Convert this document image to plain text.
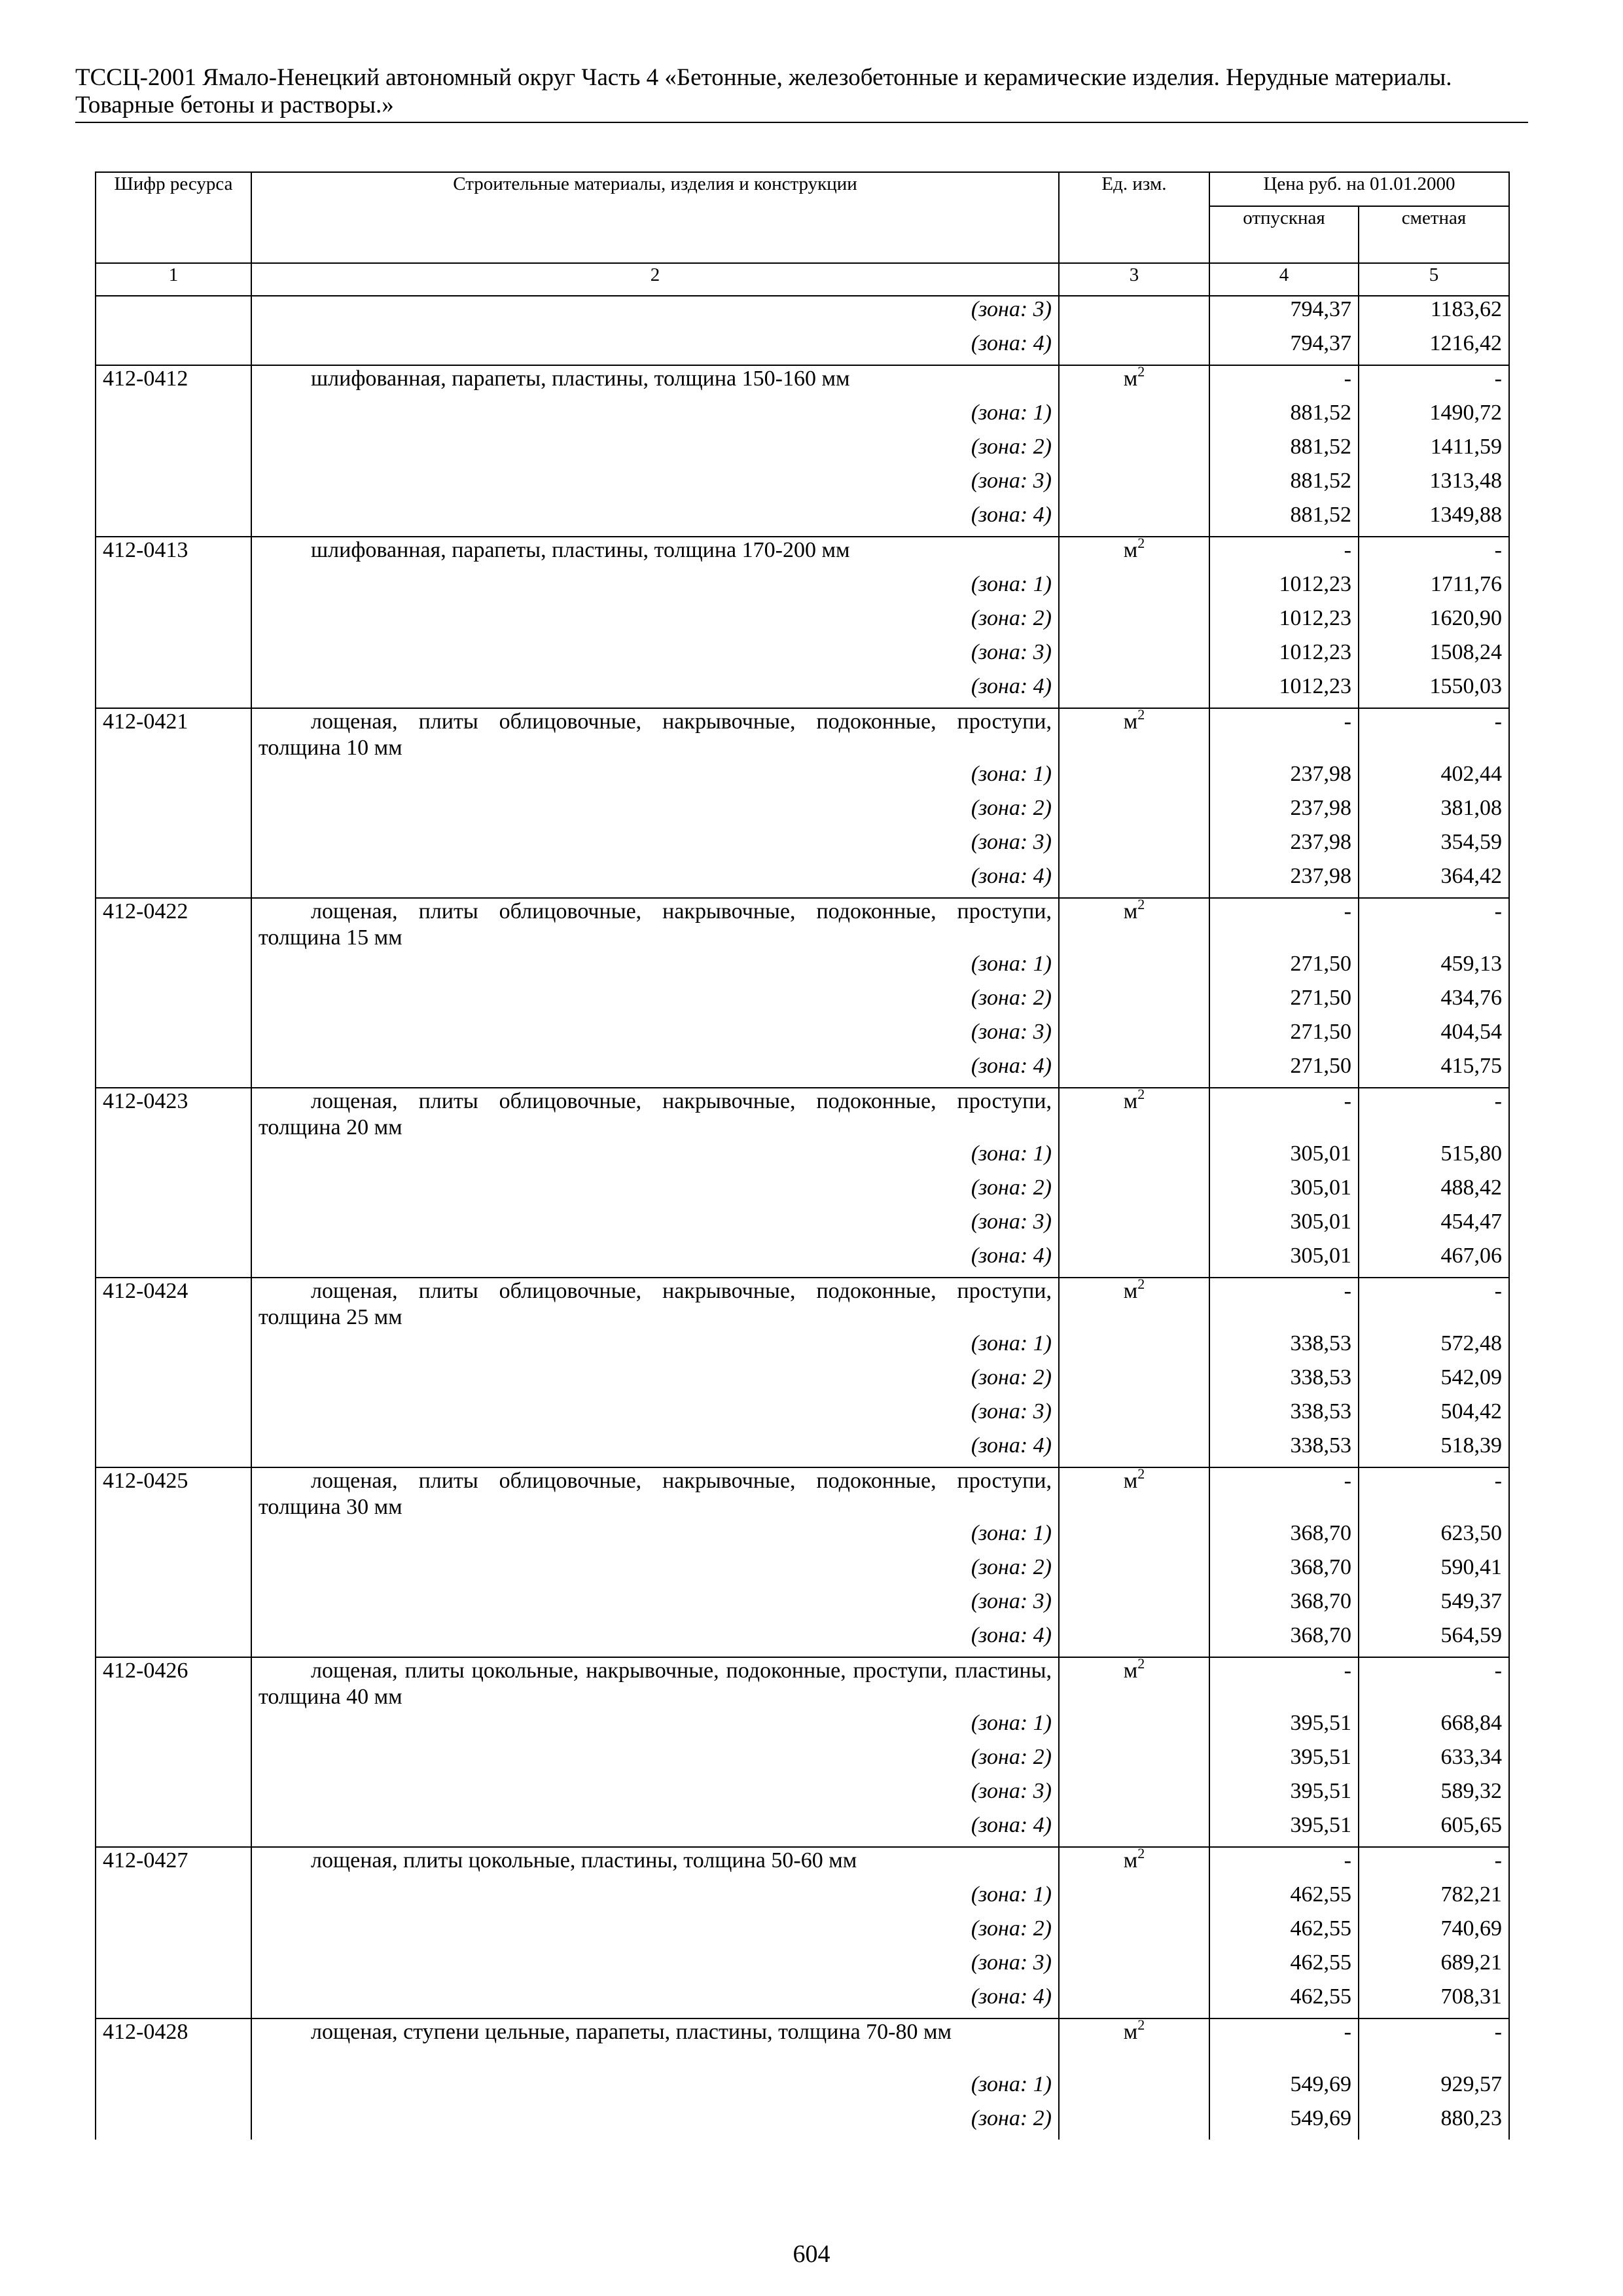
ТССЦ-2001 Ямало-Ненецкий автономный округ Часть 4 «Бетонные, железобетонные и керамические изделия. Нерудные материалы.
Товарные бетоны и растворы.»
Шифр ресурса	Строительные материалы, изделия и конструкции	Ед. изм.	Цена руб. на 01.01.2000	
			отпускная	сметная
1	2	3	4	5
	(зона: 3)		794,37	1183,62
	(зона: 4)		794,37	1216,42
412-0412	шлифованная, парапеты, пластины, толщина 150-160 мм	$м^2$	-	-
	(зона: 1)		881,52	1490,72
	(зона: 2)		881,52	1411,59
	(зона: 3)		881,52	1313,48
	(зона: 4)		881,52	1349,88
412-0413	шлифованная, парапеты, пластины, толщина 170-200 мм	$м^2$	-	-
	(зона: 1)		1012,23	1711,76
	(зона: 2)		1012,23	1620,90
	(зона: 3)		1012,23	1508,24
	(зона: 4)		1012,23	1550,03
412-0421	лощеная, плиты облицовочные, накрывочные, подоконные, проступи, толщина 10 мм	$м^2$	-	-
	(зона: 1)		237,98	402,44
	(зона: 2)		237,98	381,08
	(зона: 3)		237,98	354,59
	(зона: 4)		237,98	364,42
412-0422	лощеная, плиты облицовочные, накрывочные, подоконные, проступи, толщина 15 мм	$м^2$	-	-
	(зона: 1)		271,50	459,13
	(зона: 2)		271,50	434,76
	(зона: 3)		271,50	404,54
	(зона: 4)		271,50	415,75
412-0423	лощеная, плиты облицовочные, накрывочные, подоконные, проступи, толщина 20 мм	$м^2$	-	-
	(зона: 1)		305,01	515,80
	(зона: 2)		305,01	488,42
	(зона: 3)		305,01	454,47
	(зона: 4)		305,01	467,06
412-0424	лощеная, плиты облицовочные, накрывочные, подоконные, проступи, толщина 25 мм	$м^2$	-	-
	(зона: 1)		338,53	572,48
	(зона: 2)		338,53	542,09
	(зона: 3)		338,53	504,42
	(зона: 4)		338,53	518,39
412-0425	лощеная, плиты облицовочные, накрывочные, подоконные, проступи, толщина 30 мм	$м^2$	-	-
	(зона: 1)		368,70	623,50
	(зона: 2)		368,70	590,41
	(зона: 3)		368,70	549,37
	(зона: 4)		368,70	564,59
412-0426	лощеная, плиты цокольные, накрывочные, подоконные, проступи, пластины, толщина 40 мм	$м^2$	-	-
	(зона: 1)		395,51	668,84
	(зона: 2)		395,51	633,34
	(зона: 3)		395,51	589,32
	(зона: 4)		395,51	605,65
412-0427	лощеная, плиты цокольные, пластины, толщина 50-60 мм	$м^2$	-	-
	(зона: 1)		462,55	782,21
	(зона: 2)		462,55	740,69
	(зона: 3)		462,55	689,21
	(зона: 4)		462,55	708,31
412-0428	лощеная, ступени цельные, парапеты, пластины, толщина 70-80 мм	$м^2$	-	-
	(зона: 1)		549,69	929,57
	(зона: 2)		549,69	880,23
604
